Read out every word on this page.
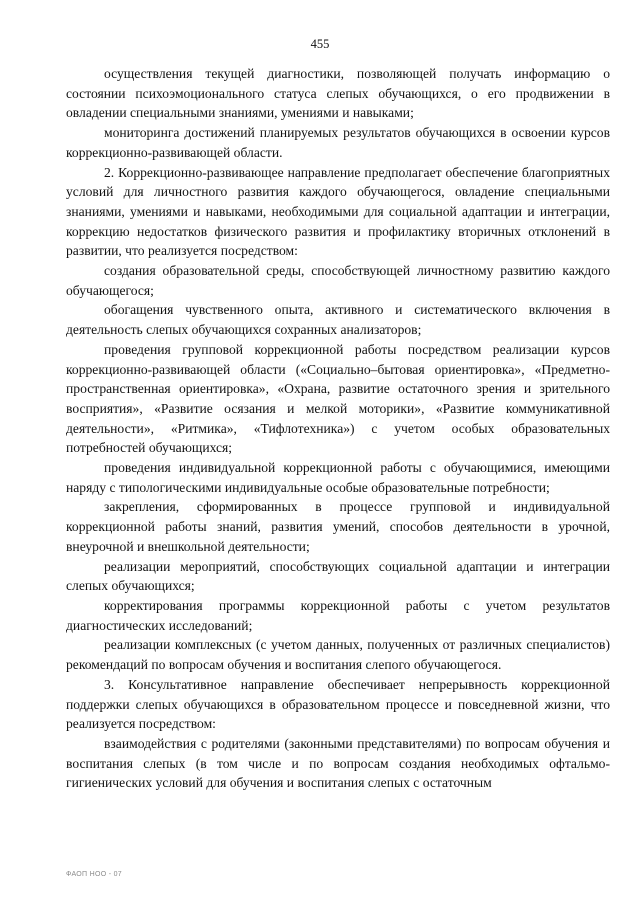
455

осуществления текущей диагностики, позволяющей получать информацию о состоянии психоэмоционального статуса слепых обучающихся, о его продвижении в овладении специальными знаниями, умениями и навыками;

мониторинга достижений планируемых результатов обучающихся в освоении курсов коррекционно-развивающей области.

2. Коррекционно-развивающее направление предполагает обеспечение благоприятных условий для личностного развития каждого обучающегося, овладение специальными знаниями, умениями и навыками, необходимыми для социальной адаптации и интеграции, коррекцию недостатков физического развития и профилактику вторичных отклонений в развитии, что реализуется посредством:

создания образовательной среды, способствующей личностному развитию каждого обучающегося;

обогащения чувственного опыта, активного и систематического включения в деятельность слепых обучающихся сохранных анализаторов;

проведения групповой коррекционной работы посредством реализации курсов коррекционно-развивающей области («Социально–бытовая ориентировка», «Предметно-пространственная ориентировка», «Охрана, развитие остаточного зрения и зрительного восприятия», «Развитие осязания и мелкой моторики», «Развитие коммуникативной деятельности», «Ритмика», «Тифлотехника») с учетом особых образовательных потребностей обучающихся;

проведения индивидуальной коррекционной работы с обучающимися, имеющими наряду с типологическими индивидуальные особые образовательные потребности;

закрепления, сформированных в процессе групповой и индивидуальной коррекционной работы знаний, развития умений, способов деятельности в урочной, внеурочной и внешкольной деятельности;

реализации мероприятий, способствующих социальной адаптации и интеграции слепых обучающихся;

корректирования программы коррекционной работы с учетом результатов диагностических исследований;

реализации комплексных (с учетом данных, полученных от различных специалистов) рекомендаций по вопросам обучения и воспитания слепого обучающегося.

3. Консультативное направление обеспечивает непрерывность коррекционной поддержки слепых обучающихся в образовательном процессе и повседневной жизни, что реализуется посредством:

взаимодействия с родителями (законными представителями) по вопросам обучения и воспитания слепых (в том числе и по вопросам создания необходимых офтальмо-гигиенических условий для обучения и воспитания слепых с остаточным

ФАОП НОО - 07
